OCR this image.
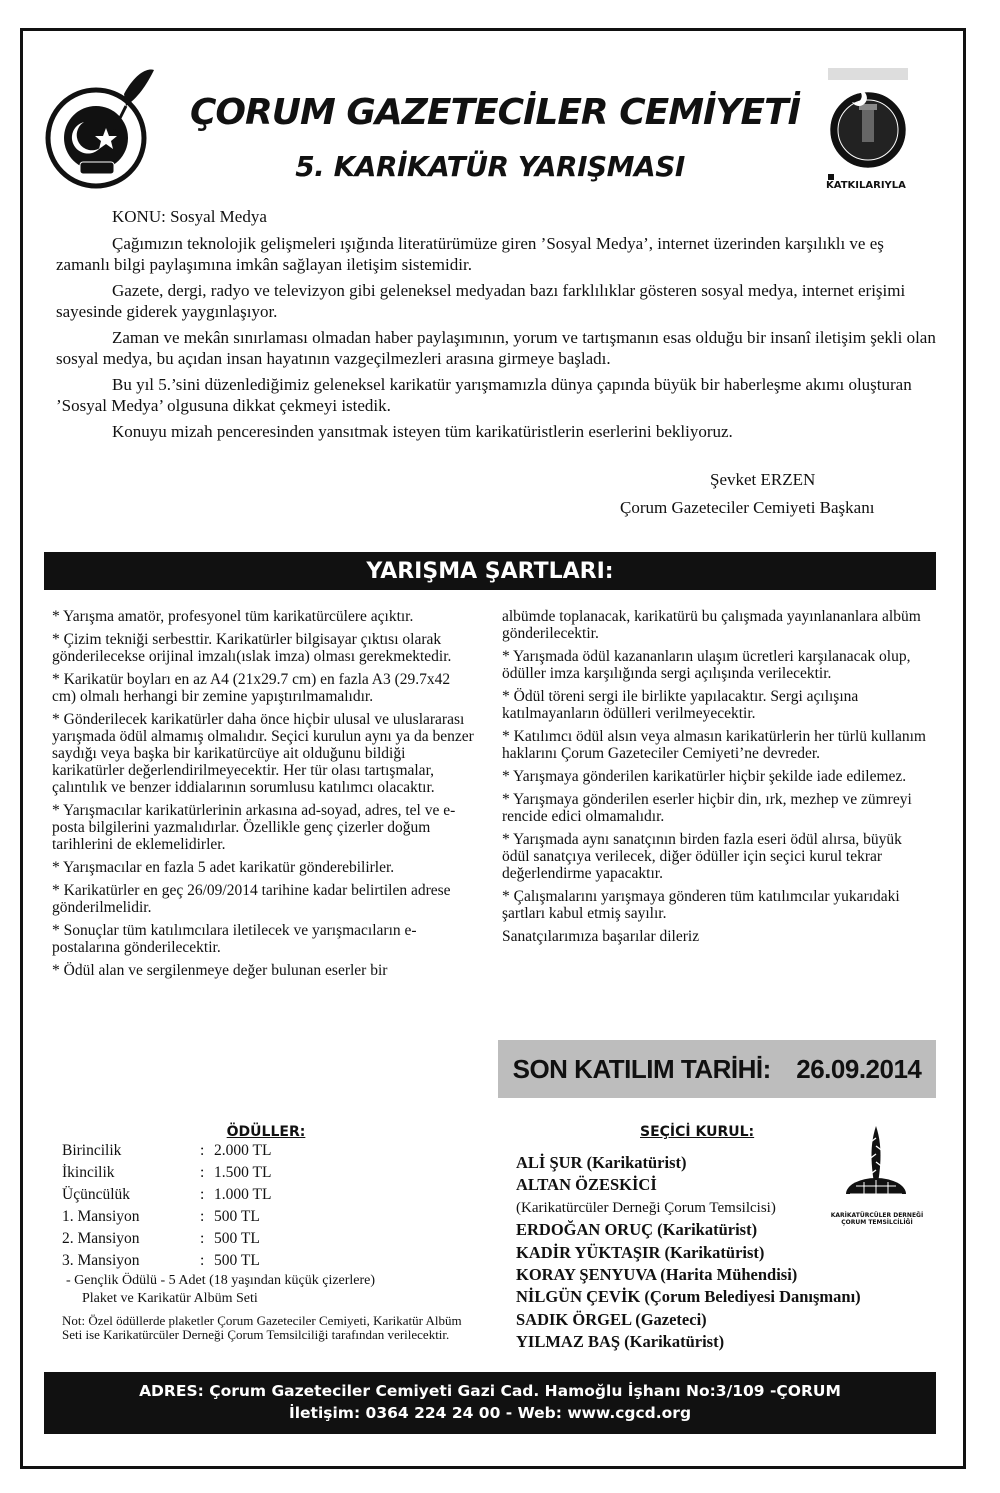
KATKILARIYLA
ÇORUM GAZETECİLER CEMİYETİ
5. KARİKATÜR YARIŞMASI

KONU: Sosyal Medya

Çağımızın teknolojik gelişmeleri ışığında literatürümüze giren ’Sosyal Medya’, internet üzerinden karşılıklı ve eş zamanlı bilgi paylaşımına imkân sağlayan iletişim sistemidir.

Gazete, dergi, radyo ve televizyon gibi geleneksel medyadan bazı farklılıklar gösteren sosyal medya, internet erişimi sayesinde giderek yaygınlaşıyor.

Zaman ve mekân sınırlaması olmadan haber paylaşımının, yorum ve tartışmanın esas olduğu bir insanî iletişim şekli olan sosyal medya, bu açıdan insan hayatının vazgeçilmezleri arasına girmeye başladı.

Bu yıl 5.’sini düzenlediğimiz geleneksel karikatür yarışmamızla dünya çapında büyük bir haberleşme akımı oluşturan ’Sosyal Medya’ olgusuna dikkat çekmeyi istedik.

Konuyu mizah penceresinden yansıtmak isteyen tüm karikatüristlerin eserlerini bekliyoruz.

Şevket ERZEN
Çorum Gazeteciler Cemiyeti Başkanı
YARIŞMA ŞARTLARI:

* Yarışma amatör, profesyonel tüm karikatürcülere açıktır.

* Çizim tekniği serbesttir. Karikatürler bilgisayar çıktısı olarak gönderilecekse orijinal imzalı(ıslak imza) olması gerekmektedir.

* Karikatür boyları en az A4 (21x29.7 cm) en fazla A3 (29.7x42 cm) olmalı herhangi bir zemine yapıştırılmamalıdır.

* Gönderilecek karikatürler daha önce hiçbir ulusal ve uluslararası yarışmada ödül almamış olmalıdır. Seçici kurulun aynı ya da benzer saydığı veya başka bir karikatürcüye ait olduğunu bildiği karikatürler değerlendirilmeyecektir. Her tür olası tartışmalar, çalıntılık ve benzer iddialarının sorumlusu katılımcı olacaktır.

* Yarışmacılar karikatürlerinin arkasına ad-soyad, adres, tel ve e-posta bilgilerini yazmalıdırlar. Özellikle genç çizerler doğum tarihlerini de eklemelidirler.

* Yarışmacılar en fazla 5 adet karikatür gönderebilirler.

* Karikatürler en geç 26/09/2014 tarihine kadar belirtilen adrese gönderilmelidir.

* Sonuçlar tüm katılımcılara iletilecek ve yarışmacıların e-postalarına gönderilecektir.

* Ödül alan ve sergilenmeye değer bulunan eserler bir

albümde toplanacak, karikatürü bu çalışmada yayınlananlara albüm gönderilecektir.

* Yarışmada ödül kazananların ulaşım ücretleri karşılanacak olup, ödüller imza karşılığında sergi açılışında verilecektir.

* Ödül töreni sergi ile birlikte yapılacaktır. Sergi açılışına katılmayanların ödülleri verilmeyecektir.

* Katılımcı ödül alsın veya almasın karikatürlerin her türlü kullanım haklarını Çorum Gazeteciler Cemiyeti’ne devreder.

* Yarışmaya gönderilen karikatürler hiçbir şekilde iade edilemez.

* Yarışmaya gönderilen eserler hiçbir din, ırk, mezhep ve zümreyi rencide edici olmamalıdır.

* Yarışmada aynı sanatçının birden fazla eseri ödül alırsa, büyük ödül sanatçıya verilecek, diğer ödüller için seçici kurul tekrar değerlendirme yapacaktır.

* Çalışmalarını yarışmaya gönderen tüm katılımcılar yukarıdaki şartları kabul etmiş sayılır.

Sanatçılarımıza başarılar dileriz

SON KATILIM TARİHİ: 26.09.2014
ÖDÜLLER:
Birincilik	: 2.000 TL
İkincilik	: 1.500 TL
Üçüncülük	: 1.000 TL
1. Mansiyon	: 500 TL
2. Mansiyon	: 500 TL
3. Mansiyon	: 500 TL
- Gençlik Ödülü - 5 Adet (18 yaşından küçük çizerlere)
Plaket ve Karikatür Albüm Seti
Not: Özel ödüllerde plaketler Çorum Gazeteciler Cemiyeti, Karikatür Albüm Seti ise Karikatürcüler Derneği Çorum Temsilciliği tarafından verilecektir.
SEÇİCİ KURUL:
ALİ ŞUR (Karikatürist)
ALTAN ÖZESKİCİ
(Karikatürcüler Derneği Çorum Temsilcisi)
ERDOĞAN ORUÇ (Karikatürist)
KADİR YÜKTAŞIR (Karikatürist)
KORAY ŞENYUVA (Harita Mühendisi)
NİLGÜN ÇEVİK (Çorum Belediyesi Danışmanı)
SADIK ÖRGEL (Gazeteci)
YILMAZ BAŞ (Karikatürist)
KARİKATÜRCÜLER DERNEĞİ ÇORUM TEMSİLCİLİĞİ
ADRES: Çorum Gazeteciler Cemiyeti Gazi Cad. Hamoğlu İşhanı No:3/109 -ÇORUM
İletişim: 0364 224 24 00 - Web: www.cgcd.org
